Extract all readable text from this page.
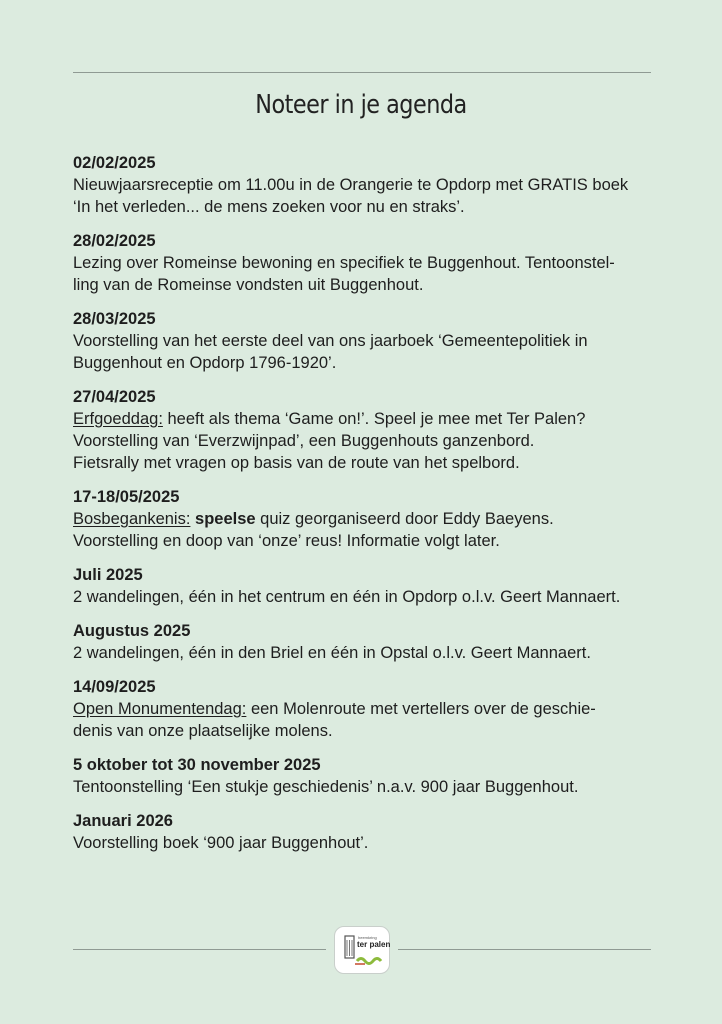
Noteer in je agenda
02/02/2025
Nieuwjaarsreceptie om 11.00u in de Orangerie te Opdorp met GRATIS boek
‘In het verleden... de mens zoeken voor nu en straks’.
28/02/2025
Lezing over Romeinse bewoning en specifiek te Buggenhout. Tentoonstel-
ling van de Romeinse vondsten uit Buggenhout.
28/03/2025
Voorstelling van het eerste deel van ons jaarboek ‘Gemeentepolitiek in
Buggenhout en Opdorp 1796-1920’.
27/04/2025
Erfgoeddag: heeft als thema ‘Game on!’. Speel je mee met Ter Palen?
Voorstelling van ‘Everzwijnpad’, een Buggenhouts ganzenbord.
Fietsrally met vragen op basis van de route van het spelbord.
17-18/05/2025
Bosbegankenis: speelse quiz georganiseerd door Eddy Baeyens.
Voorstelling en doop van ‘onze’ reus! Informatie volgt later.
Juli 2025
2 wandelingen, één in het centrum en één in Opdorp o.l.v. Geert Mannaert.
Augustus 2025
2 wandelingen, één in den Briel en één in Opstal o.l.v. Geert Mannaert.
14/09/2025
Open Monumentendag: een Molenroute met vertellers over de geschie-
denis van onze plaatselijke molens.
5 oktober tot 30 november 2025
Tentoonstelling ‘Een stukje geschiedenis’ n.a.v. 900 jaar Buggenhout.
Januari 2026
Voorstelling boek ‘900 jaar Buggenhout’.
heemkring
ter palen
